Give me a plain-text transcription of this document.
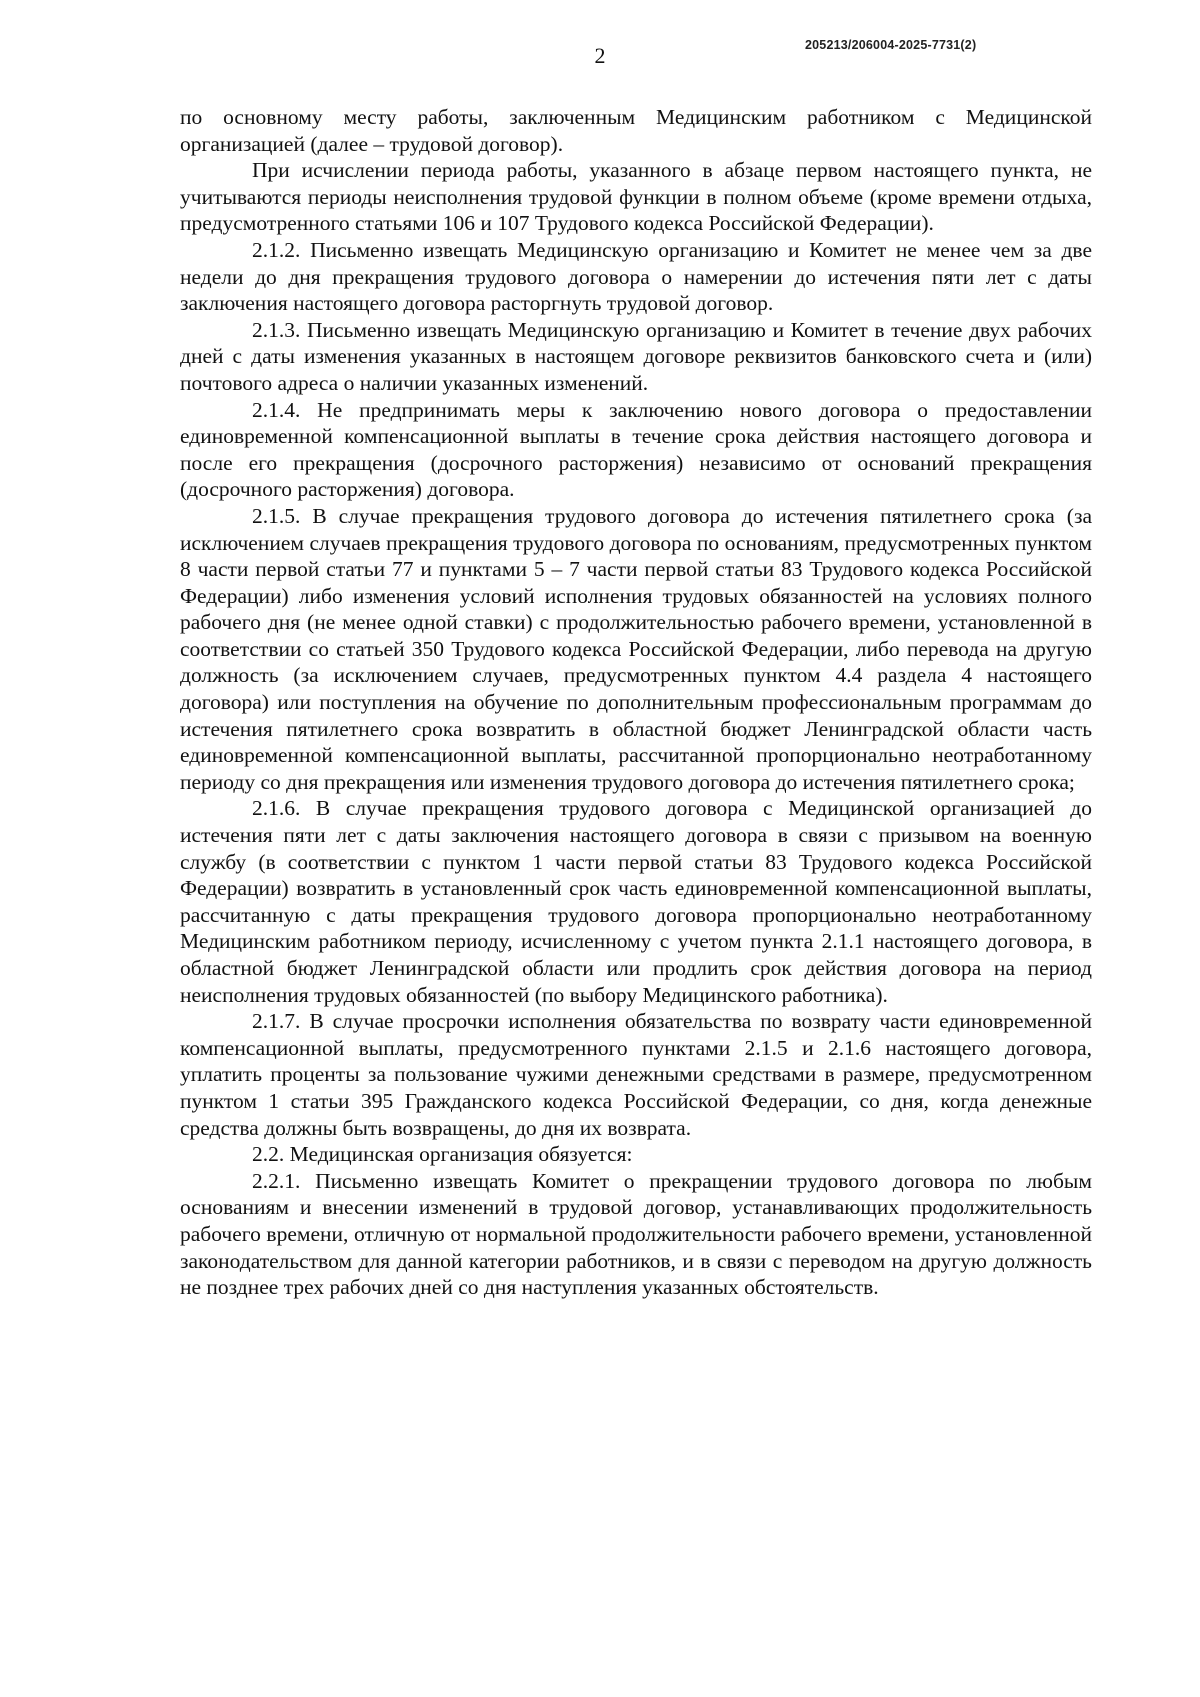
2	205213/206004-2025-7731(2)

по основному месту работы, заключенным Медицинским работником с Медицинской организацией (далее – трудовой договор).

При исчислении периода работы, указанного в абзаце первом настоящего пункта, не учитываются периоды неисполнения трудовой функции в полном объеме (кроме времени отдыха, предусмотренного статьями 106 и 107 Трудового кодекса Российской Федерации).

2.1.2. Письменно извещать Медицинскую организацию и Комитет не менее чем за две недели до дня прекращения трудового договора о намерении до истечения пяти лет с даты заключения настоящего договора расторгнуть трудовой договор.

2.1.3. Письменно извещать Медицинскую организацию и Комитет в течение двух рабочих дней с даты изменения указанных в настоящем договоре реквизитов банковского счета и (или) почтового адреса о наличии указанных изменений.

2.1.4. Не предпринимать меры к заключению нового договора о предоставлении единовременной компенсационной выплаты в течение срока действия настоящего договора и после его прекращения (досрочного расторжения) независимо от оснований прекращения (досрочного расторжения) договора.

2.1.5. В случае прекращения трудового договора до истечения пятилетнего срока (за исключением случаев прекращения трудового договора по основаниям, предусмотренных пунктом 8 части первой статьи 77 и пунктами 5 – 7 части первой статьи 83 Трудового кодекса Российской Федерации) либо изменения условий исполнения трудовых обязанностей на условиях полного рабочего дня (не менее одной ставки) с продолжительностью рабочего времени, установленной в соответствии со статьей 350 Трудового кодекса Российской Федерации, либо перевода на другую должность (за исключением случаев, предусмотренных пунктом 4.4 раздела 4 настоящего договора) или поступления на обучение по дополнительным профессиональным программам до истечения пятилетнего срока возвратить в областной бюджет Ленинградской области часть единовременной компенсационной выплаты, рассчитанной пропорционально неотработанному периоду со дня прекращения или изменения трудового договора до истечения пятилетнего срока;

2.1.6. В случае прекращения трудового договора с Медицинской организацией до истечения пяти лет с даты заключения настоящего договора в связи с призывом на военную службу (в соответствии с пунктом 1 части первой статьи 83 Трудового кодекса Российской Федерации) возвратить в установленный срок часть единовременной компенсационной выплаты, рассчитанную с даты прекращения трудового договора пропорционально неотработанному Медицинским работником периоду, исчисленному с учетом пункта 2.1.1 настоящего договора, в областной бюджет Ленинградской области или продлить срок действия договора на период неисполнения трудовых обязанностей (по выбору Медицинского работника).

2.1.7. В случае просрочки исполнения обязательства по возврату части единовременной компенсационной выплаты, предусмотренного пунктами 2.1.5 и 2.1.6 настоящего договора, уплатить проценты за пользование чужими денежными средствами в размере, предусмотренном пунктом 1 статьи 395 Гражданского кодекса Российской Федерации, со дня, когда денежные средства должны быть возвращены, до дня их возврата.

2.2. Медицинская организация обязуется:

2.2.1. Письменно извещать Комитет о прекращении трудового договора по любым основаниям и внесении изменений в трудовой договор, устанавливающих продолжительность рабочего времени, отличную от нормальной продолжительности рабочего времени, установленной законодательством для данной категории работников, и в связи с переводом на другую должность не позднее трех рабочих дней со дня наступления указанных обстоятельств.
